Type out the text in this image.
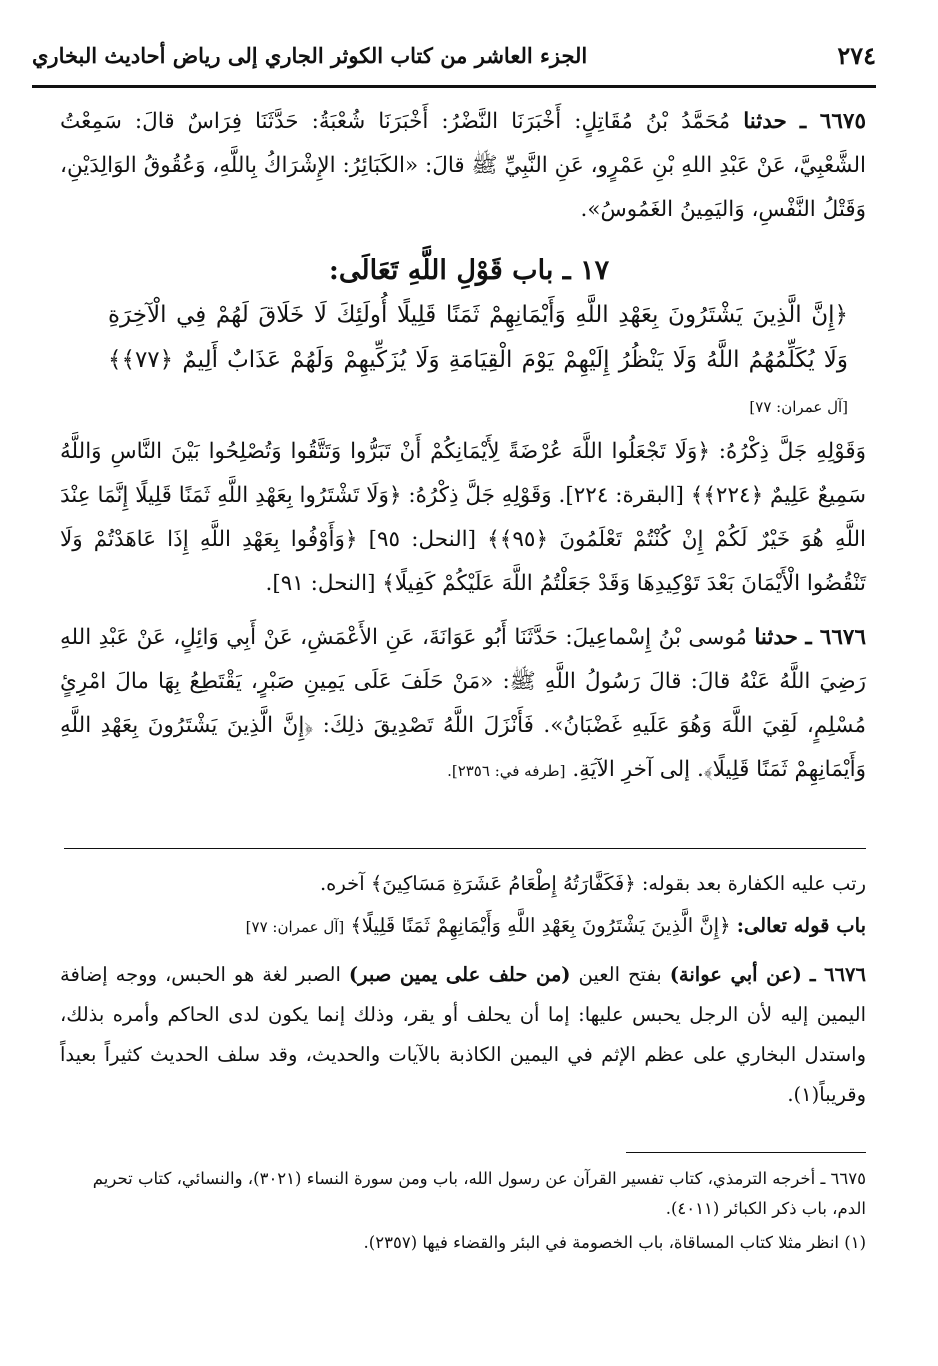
٢٧٤
الجزء العاشر من كتاب الكوثر الجاري إلى رياض أحاديث البخاري

٦٦٧٥ ـ حدثنا مُحَمَّدُ بْنُ مُقَاتِلٍ: أَخْبَرَنَا النَّضْرُ: أَخْبَرَنَا شُعْبَةُ: حَدَّثَنَا فِرَاسٌ قالَ: سَمِعْتُ الشَّعْبِيَّ، عَنْ عَبْدِ اللهِ بْنِ عَمْرٍو، عَنِ النَّبِيِّ ﷺ قالَ: «الكَبَائِرُ: الإِشْرَاكُ بِاللَّهِ، وَعُقُوقُ الوَالِدَيْنِ، وَقَتْلُ النَّفْسِ، وَاليَمِينُ الغَمُوسُ».

١٧ ـ باب قَوْلِ اللَّهِ تَعَالَى:
﴿إِنَّ الَّذِينَ يَشْتَرُونَ بِعَهْدِ اللَّهِ وَأَيْمَانِهِمْ ثَمَنًا قَلِيلًا أُولَئِكَ لَا خَلَاقَ لَهُمْ فِي الْآخِرَةِ وَلَا يُكَلِّمُهُمُ اللَّهُ وَلَا يَنْظُرُ إِلَيْهِمْ يَوْمَ الْقِيَامَةِ وَلَا يُزَكِّيهِمْ وَلَهُمْ عَذَابٌ أَلِيمٌ ﴿٧٧﴾﴾ [آل عمران: ٧٧]

وَقَوْلِهِ جَلَّ ذِكْرُهُ: ﴿وَلَا تَجْعَلُوا اللَّهَ عُرْضَةً لِأَيْمَانِكُمْ أَنْ تَبَرُّوا وَتَتَّقُوا وَتُصْلِحُوا بَيْنَ النَّاسِ وَاللَّهُ سَمِيعٌ عَلِيمٌ ﴿٢٢٤﴾﴾ [البقرة: ٢٢٤]. وَقَوْلِهِ جَلَّ ذِكْرُهُ: ﴿وَلَا تَشْتَرُوا بِعَهْدِ اللَّهِ ثَمَنًا قَلِيلًا إِنَّمَا عِنْدَ اللَّهِ هُوَ خَيْرٌ لَكُمْ إِنْ كُنْتُمْ تَعْلَمُونَ ﴿٩٥﴾﴾ [النحل: ٩٥] ﴿وَأَوْفُوا بِعَهْدِ اللَّهِ إِذَا عَاهَدْتُمْ وَلَا تَنْقُضُوا الْأَيْمَانَ بَعْدَ تَوْكِيدِهَا وَقَدْ جَعَلْتُمُ اللَّهَ عَلَيْكُمْ كَفِيلًا﴾ [النحل: ٩١].

٦٦٧٦ ـ حدثنا مُوسى بْنُ إِسْماعِيلَ: حَدَّثَنَا أَبُو عَوَانَةَ، عَنِ الأَعْمَشِ، عَنْ أَبِي وَائِلٍ، عَنْ عَبْدِ اللهِ رَضِيَ اللَّهُ عَنْهُ قالَ: قالَ رَسُولُ اللَّهِ ﷺ: «مَنْ حَلَفَ عَلَى يَمِينِ صَبْرٍ، يَقْتَطِعُ بِهَا مالَ امْرِئٍ مُسْلِمٍ، لَقِيَ اللَّهَ وَهُوَ عَلَيهِ غَضْبَانُ». فَأَنْزَلَ اللَّهُ تَصْدِيقَ ذلِكَ: ﴿إِنَّ الَّذِينَ يَشْتَرُونَ بِعَهْدِ اللَّهِ وَأَيْمَانِهِمْ ثَمَنًا قَلِيلًا﴾. إلى آخرِ الآيَةِ. [طرفه في: ٢٣٥٦].

رتب عليه الكفارة بعد بقوله: ﴿فَكَفَّارَتُهُ إِطْعَامُ عَشَرَةِ مَسَاكِينَ﴾ آخره.

باب قوله تعالى: ﴿إِنَّ الَّذِينَ يَشْتَرُونَ بِعَهْدِ اللَّهِ وَأَيْمَانِهِمْ ثَمَنًا قَلِيلًا﴾ [آل عمران: ٧٧]

٦٦٧٦ ـ (عن أبي عوانة) بفتح العين (من حلف على يمين صبر) الصبر لغة هو الحبس، ووجه إضافة اليمين إليه لأن الرجل يحبس عليها: إما أن يحلف أو يقر، وذلك إنما يكون لدى الحاكم وأمره بذلك، واستدل البخاري على عظم الإثم في اليمين الكاذبة بالآيات والحديث، وقد سلف الحديث كثيراً بعيداً وقريباً(١).

٦٦٧٥ ـ أخرجه الترمذي، كتاب تفسير القرآن عن رسول الله، باب ومن سورة النساء (٣٠٢١)، والنسائي، كتاب تحريم الدم، باب ذكر الكبائر (٤٠١١).

(١) انظر مثلا كتاب المساقاة، باب الخصومة في البئر والقضاء فيها (٢٣٥٧).
